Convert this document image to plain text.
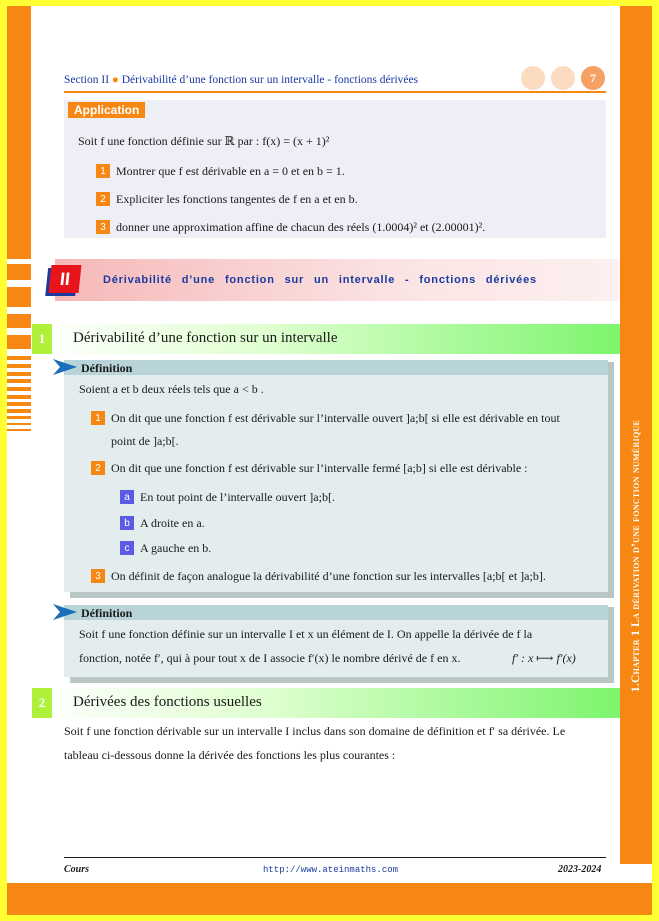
1.Chapter 1 La dérivation d’une fonction numérique
Section II ● Dérivabilité d’une fonction sur un intervalle - fonctions dérivées	7
Application
Soit f une fonction définie sur ℝ par : f(x) = (x + 1)²
1 Montrer que f est dérivable en a = 0 et en b = 1.
2 Expliciter les fonctions tangentes de f en a et en b.
3 donner une approximation affine de chacun des réels (1.0004)² et (2.00001)².
II	Dérivabilité d’une fonction sur un intervalle - fonctions dérivées
1	Dérivabilité d’une fonction sur un intervalle
Définition
Soient a et b deux réels tels que a < b .
1 On dit que une fonction f est dérivable sur l’intervalle ouvert ]a;b[ si elle est dérivable en tout
point de ]a;b[.
2 On dit que une fonction f est dérivable sur l’intervalle fermé [a;b] si elle est dérivable :
a En tout point de l’intervalle ouvert ]a;b[.
b A droite en a.
c A gauche en b.
3 On définit de façon analogue la dérivabilité d’une fonction sur les intervalles [a;b[ et ]a;b].
Définition
Soit f une fonction définie sur un intervalle I et x un élément de I. On appelle la dérivée de f la
fonction, notée f′, qui à pour tout x de I associe f′(x) le nombre dérivé de f en x.	f′ : x ⟼ f′(x)
2	Dérivées des fonctions usuelles
Soit f une fonction dérivable sur un intervalle I inclus dans son domaine de définition et f′ sa dérivée. Le
tableau ci-dessous donne la dérivée des fonctions les plus courantes :
Cours	http://www.ateinmaths.com	2023-2024
